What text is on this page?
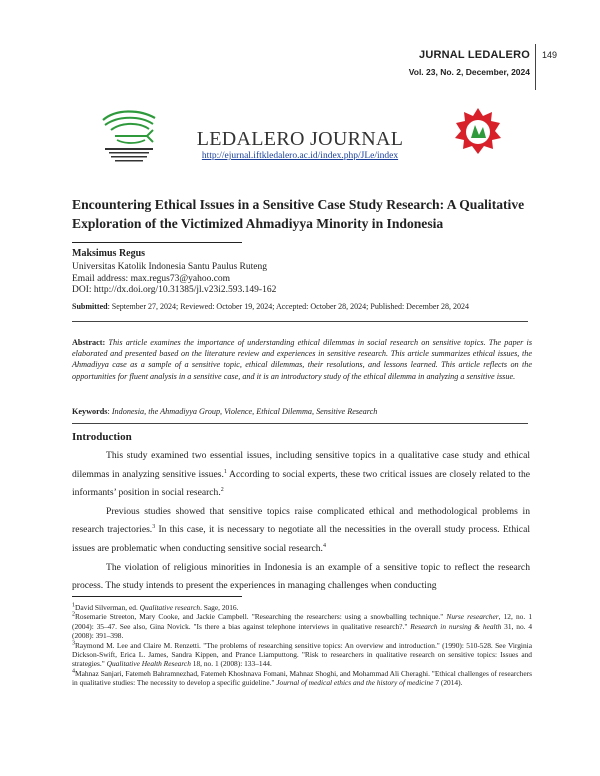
JURNAL LEDALERO
Vol. 23, No. 2, December, 2024
149
LEDALERO JOURNAL
http://ejurnal.iftkledalero.ac.id/index.php/JLe/index
Encountering Ethical Issues in a Sensitive Case Study Research: A Qualitative Exploration of the Victimized Ahmadiyya Minority in Indonesia
Maksimus Regus
Universitas Katolik Indonesia Santu Paulus Ruteng
Email address: max.regus73@yahoo.com
DOI: http://dx.doi.org/10.31385/jl.v23i2.593.149-162
Submitted: September 27, 2024; Reviewed: October 19, 2024; Accepted: October 28, 2024; Published: December 28, 2024
Abstract: This article examines the importance of understanding ethical dilemmas in social research on sensitive topics. The paper is elaborated and presented based on the literature review and experiences in sensitive research. This article summarizes ethical issues, the Ahmadiyya case as a sample of a sensitive topic, ethical dilemmas, their resolutions, and lessons learned. This article reflects on the opportunities for fluent analysis in a sensitive case, and it is an introductory study of the ethical dilemma in analyzing a sensitive issue.
Keywords: Indonesia, the Ahmadiyya Group, Violence, Ethical Dilemma, Sensitive Research
Introduction

This study examined two essential issues, including sensitive topics in a qualitative case study and ethical dilemmas in analyzing sensitive issues.$^1$ According to social experts, these two critical issues are closely related to the informants’ position in social research.$^2$

Previous studies showed that sensitive topics raise complicated ethical and methodological problems in research trajectories.$^3$ In this case, it is necessary to negotiate all the necessities in the overall study process. Ethical issues are problematic when conducting sensitive social research.$^4$

The violation of religious minorities in Indonesia is an example of a sensitive topic to reflect the research process. The study intends to present the experiences in managing challenges when conducting

$^1$David Silverman, ed. Qualitative research. Sage, 2016.

$^2$Rosemarie Streeton, Mary Cooke, and Jackie Campbell. "Researching the researchers: using a snowballing technique." Nurse researcher, 12, no. 1 (2004): 35–47. See also, Gina Novick. "Is there a bias against telephone interviews in qualitative research?." Research in nursing & health 31, no. 4 (2008): 391–398.

$^3$Raymond M. Lee and Claire M. Renzetti. "The problems of researching sensitive topics: An overview and introduction." (1990): 510-528. See Virginia Dickson-Swift, Erica L. James, Sandra Kippen, and Prance Liamputtong. "Risk to researchers in qualitative research on sensitive topics: Issues and strategies." Qualitative Health Research 18, no. 1 (2008): 133–144.

$^4$Mahnaz Sanjari, Fatemeh Bahramnezhad, Fatemeh Khoshnava Fomani, Mahnaz Shoghi, and Mohammad Ali Cheraghi. "Ethical challenges of researchers in qualitative studies: The necessity to develop a specific guideline." Journal of medical ethics and the history of medicine 7 (2014).
